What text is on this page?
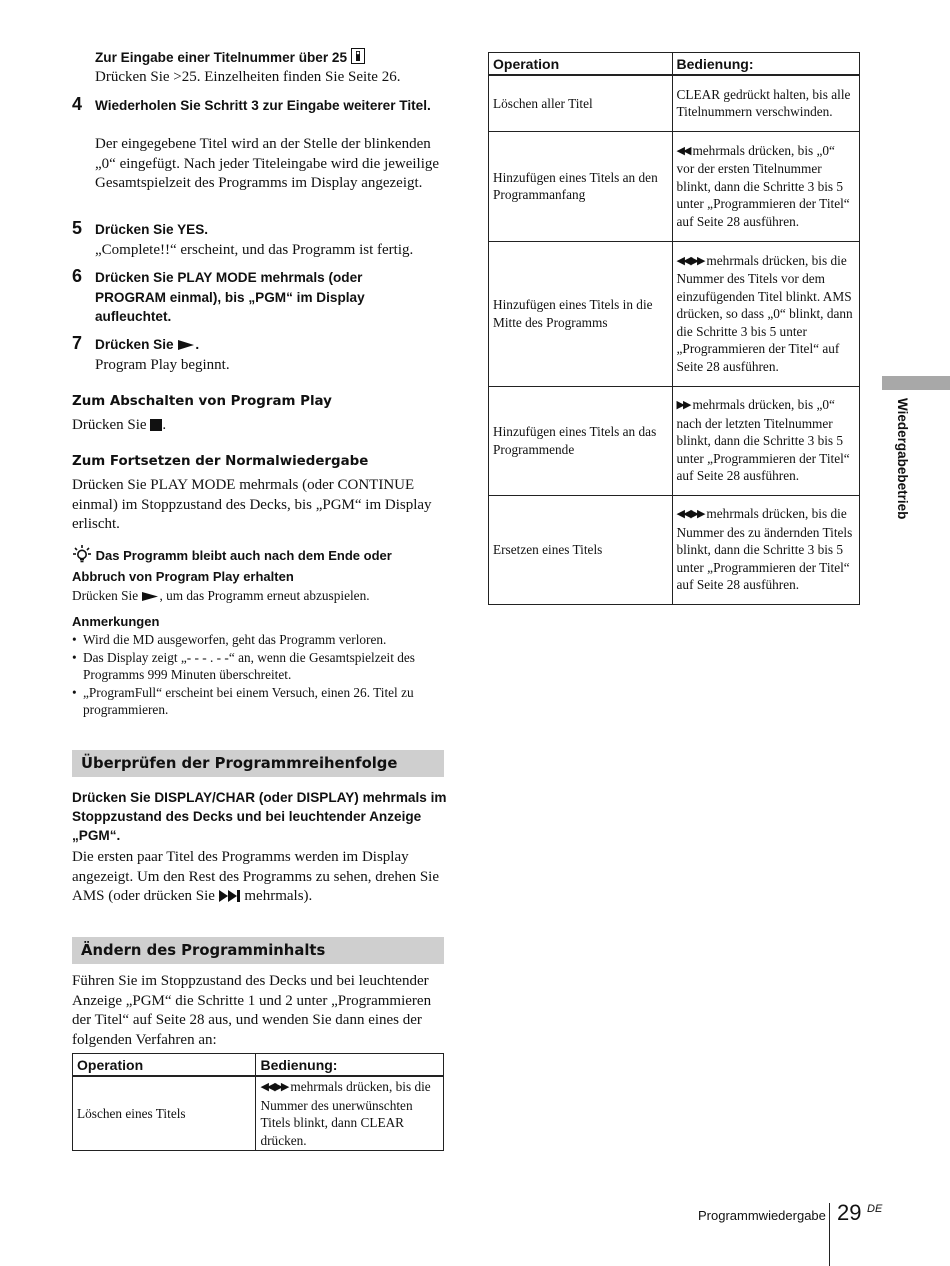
Zur Eingabe einer Titelnummer über 25
Drücken Sie >25. Einzelheiten finden Sie Seite 26.
4 Wiederholen Sie Schritt 3 zur Eingabe weiterer Titel.
Der eingegebene Titel wird an der Stelle der blinkenden „0“ eingefügt. Nach jeder Titeleingabe wird die jeweilige Gesamtspielzeit des Programms im Display angezeigt.
5 Drücken Sie YES.
„Complete!!“ erscheint, und das Programm ist fertig.
6 Drücken Sie PLAY MODE mehrmals (oder PROGRAM einmal), bis „PGM“ im Display aufleuchtet.
7 Drücken Sie .
Program Play beginnt.
Zum Abschalten von Program Play
Drücken Sie .
Zum Fortsetzen der Normalwiedergabe
Drücken Sie PLAY MODE mehrmals (oder CONTINUE einmal) im Stoppzustand des Decks, bis „PGM“ im Display erlischt.
Das Programm bleibt auch nach dem Ende oder Abbruch von Program Play erhalten
Drücken Sie , um das Programm erneut abzuspielen.
Anmerkungen
• Wird die MD ausgeworfen, geht das Programm verloren.
• Das Display zeigt „- - - . - -“ an, wenn die Gesamtspielzeit des Programms 999 Minuten überschreitet.
• „ProgramFull“ erscheint bei einem Versuch, einen 26. Titel zu programmieren.
Überprüfen der Programmreihenfolge
Drücken Sie DISPLAY/CHAR (oder DISPLAY) mehrmals im Stoppzustand des Decks und bei leuchtender Anzeige „PGM“.
Die ersten paar Titel des Programms werden im Display angezeigt. Um den Rest des Programms zu sehen, drehen Sie AMS (oder drücken Sie mehrmals).
Ändern des Programminhalts
Führen Sie im Stoppzustand des Decks und bei leuchtender Anzeige „PGM“ die Schritte 1 und 2 unter „Programmieren der Titel“ auf Seite 28 aus, und wenden Sie dann eines der folgenden Verfahren an:
Operation	Bedienung:
Löschen eines Titels	◀◀/▶▶ mehrmals drücken, bis die Nummer des unerwünschten Titels blinkt, dann CLEAR drücken.
Operation	Bedienung:
Löschen aller Titel	CLEAR gedrückt halten, bis alle Titelnummern verschwinden.
Hinzufügen eines Titels an den Programmanfang	◀◀ mehrmals drücken, bis „0“ vor der ersten Titelnummer blinkt, dann die Schritte 3 bis 5 unter „Programmieren der Titel“ auf Seite 28 ausführen.
Hinzufügen eines Titels in die Mitte des Programms	◀◀/▶▶ mehrmals drücken, bis die Nummer des Titels vor dem einzufügenden Titel blinkt. AMS drücken, so dass „0“ blinkt, dann die Schritte 3 bis 5 unter „Programmieren der Titel“ auf Seite 28 ausführen.
Hinzufügen eines Titels an das Programmende	▶▶ mehrmals drücken, bis „0“ nach der letzten Titelnummer blinkt, dann die Schritte 3 bis 5 unter „Programmieren der Titel“ auf Seite 28 ausführen.
Ersetzen eines Titels	◀◀/▶▶ mehrmals drücken, bis die Nummer des zu ändernden Titels blinkt, dann die Schritte 3 bis 5 unter „Programmieren der Titel“ auf Seite 28 ausführen.
Wiedergabebetrieb
Programmwiedergabe 29 DE
